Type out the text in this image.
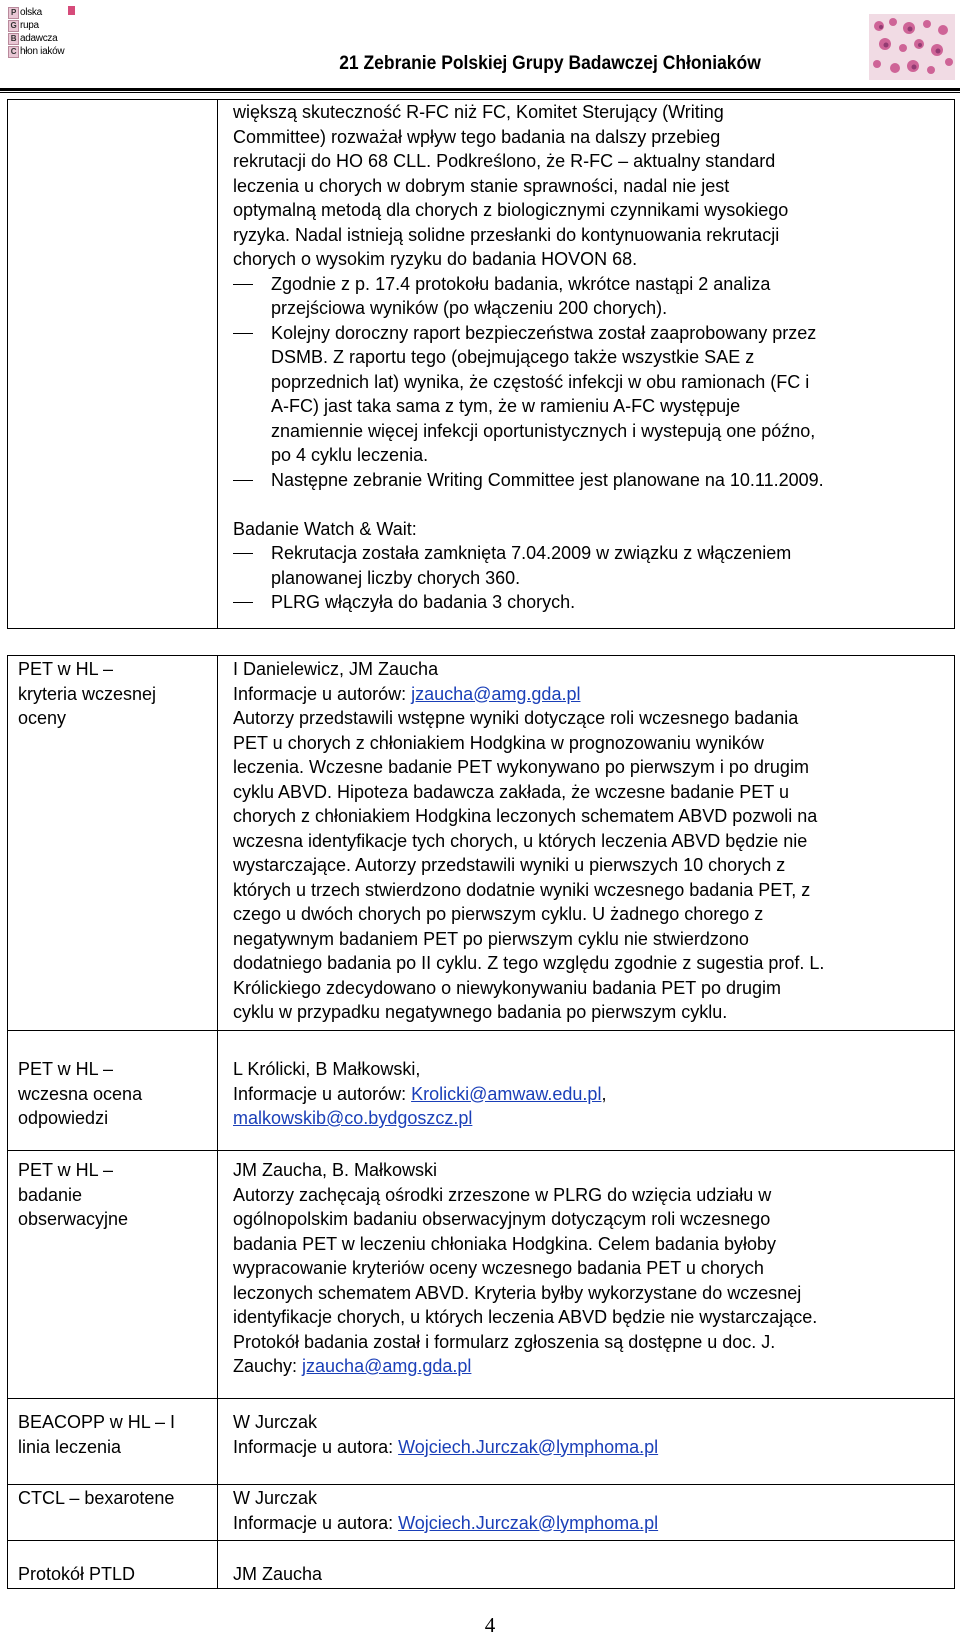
P olska
G rupa
B adawcza
C hłon iaków
21 Zebranie Polskiej Grupy Badawczej Chłoniaków
większą skuteczność R-FC niż FC, Komitet Sterujący (Writing
Committee) rozważał wpływ tego badania na dalszy przebieg
rekrutacji do HO 68 CLL. Podkreślono, że R-FC – aktualny standard
leczenia u chorych w dobrym stanie sprawności, nadal nie jest
optymalną metodą dla chorych z biologicznymi czynnikami wysokiego
ryzyka. Nadal istnieją solidne przesłanki do kontynuowania rekrutacji
chorych o wysokim ryzyku do badania HOVON 68.
Zgodnie z p. 17.4 protokołu badania, wkrótce nastąpi 2 analiza
przejściowa wyników (po włączeniu 200 chorych).
Kolejny doroczny raport bezpieczeństwa został zaaprobowany przez
DSMB. Z raportu tego (obejmującego także wszystkie SAE z
poprzednich lat) wynika, że częstość infekcji w obu ramionach (FC i
A-FC) jast taka sama z tym, że w ramieniu A-FC występuje
znamiennie więcej infekcji oportunistycznych i wystepują one późno,
po 4 cyklu leczenia.
Następne zebranie Writing Committee jest planowane na 10.11.2009.
Badanie Watch & Wait:
Rekrutacja została zamknięta 7.04.2009 w związku z włączeniem
planowanej liczby chorych 360.
PLRG włączyła do badania 3 chorych.
PET w HL –
kryteria wczesnej
oceny
I Danielewicz, JM Zaucha
Informacje u autorów: jzaucha@amg.gda.pl
Autorzy przedstawili wstępne wyniki dotyczące roli wczesnego badania
PET u chorych z chłoniakiem Hodgkina w prognozowaniu wyników
leczenia. Wczesne badanie PET wykonywano po pierwszym i po drugim
cyklu ABVD. Hipoteza badawcza zakłada, że wczesne badanie PET u
chorych z chłoniakiem Hodgkina leczonych schematem ABVD pozwoli na
wczesna identyfikacje tych chorych, u których leczenia ABVD będzie nie
wystarczające. Autorzy przedstawili wyniki u pierwszych 10 chorych z
których u trzech stwierdzono dodatnie wyniki wczesnego badania PET, z
czego u dwóch chorych po pierwszym cyklu. U żadnego chorego z
negatywnym badaniem PET po pierwszym cyklu nie stwierdzono
dodatniego badania po II cyklu. Z tego względu zgodnie z sugestia prof. L.
Królickiego zdecydowano o niewykonywaniu badania PET po drugim
cyklu w przypadku negatywnego badania po pierwszym cyklu.
PET w HL –
wczesna ocena
odpowiedzi
L Królicki, B Małkowski,
Informacje u autorów: Krolicki@amwaw.edu.pl,
malkowskib@co.bydgoszcz.pl
PET w HL –
badanie
obserwacyjne
JM Zaucha, B. Małkowski
Autorzy zachęcają ośrodki zrzeszone w PLRG do wzięcia udziału w
ogólnopolskim badaniu obserwacyjnym dotyczącym roli wczesnego
badania PET w leczeniu chłoniaka Hodgkina. Celem badania byłoby
wypracowanie kryteriów oceny wczesnego badania PET u chorych
leczonych schematem ABVD. Kryteria byłby wykorzystane do wczesnej
identyfikacje chorych, u których leczenia ABVD będzie nie wystarczające.
Protokół badania został i formularz zgłoszenia są dostępne u doc. J.
Zauchy: jzaucha@amg.gda.pl
BEACOPP w HL – I
linia leczenia
W Jurczak
Informacje u autora: Wojciech.Jurczak@lymphoma.pl
CTCL – bexarotene	W Jurczak
Informacje u autora: Wojciech.Jurczak@lymphoma.pl
Protokół PTLD	JM Zaucha
4
